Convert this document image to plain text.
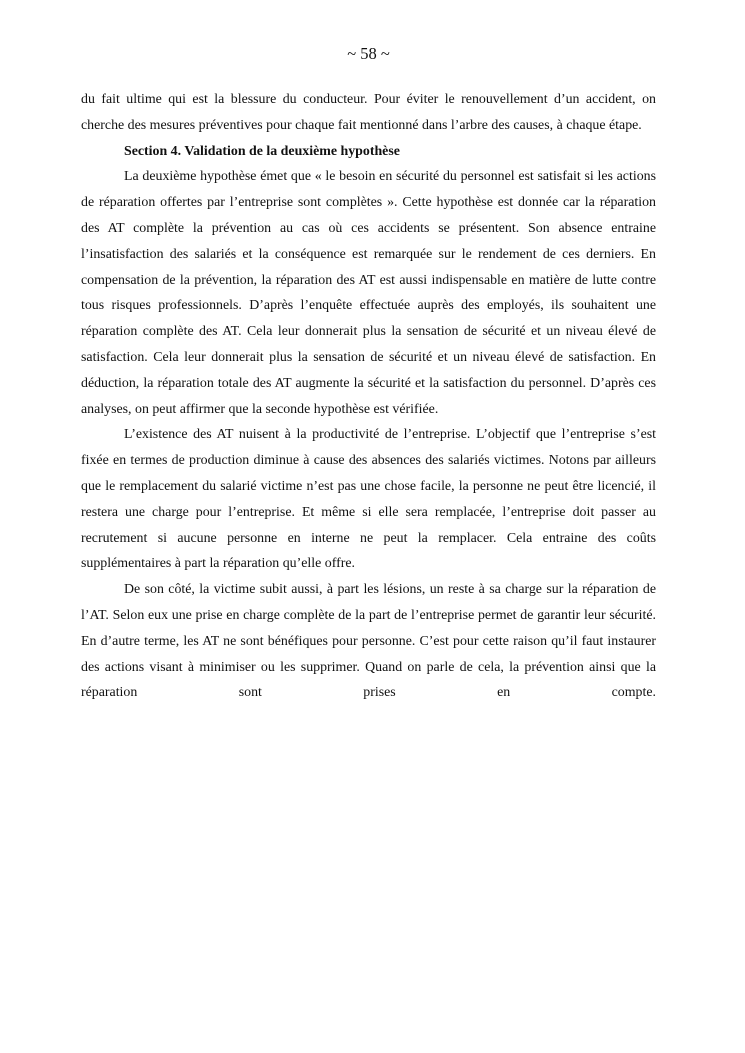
~ 58 ~

du fait ultime qui est la blessure du conducteur. Pour éviter le renouvellement d’un accident, on cherche des mesures préventives pour chaque fait mentionné dans l’arbre des causes, à chaque étape.

Section 4. Validation de la deuxième hypothèse

La deuxième hypothèse émet que « le besoin en sécurité du personnel est satisfait si les actions de réparation offertes par l’entreprise sont complètes ». Cette hypothèse est donnée car la réparation des AT complète la prévention au cas où ces accidents se présentent. Son absence entraine l’insatisfaction des salariés et la conséquence est remarquée sur le rendement de ces derniers. En compensation de la prévention, la réparation des AT est aussi indispensable en matière de lutte contre tous risques professionnels. D’après l’enquête effectuée auprès des employés, ils souhaitent une réparation complète des AT. Cela leur donnerait plus la sensation de sécurité et un niveau élevé de satisfaction. Cela leur donnerait plus la sensation de sécurité et un niveau élevé de satisfaction. En déduction, la réparation totale des AT augmente la sécurité et la satisfaction du personnel. D’après ces analyses, on peut affirmer que la seconde hypothèse est vérifiée.

L’existence des AT nuisent à la productivité de l’entreprise. L’objectif que l’entreprise s’est fixée en termes de production diminue à cause des absences des salariés victimes. Notons par ailleurs que le remplacement du salarié victime n’est pas une chose facile, la personne ne peut être licencié, il restera une charge pour l’entreprise. Et même si elle sera remplacée, l’entreprise doit passer au recrutement si aucune personne en interne ne peut la remplacer. Cela entraine des coûts supplémentaires à part la réparation qu’elle offre.

De son côté, la victime subit aussi, à part les lésions, un reste à sa charge sur la réparation de l’AT. Selon eux une prise en charge complète de la part de l’entreprise permet de garantir leur sécurité. En d’autre terme, les AT ne sont bénéfiques pour personne. C’est pour cette raison qu’il faut instaurer des actions visant à minimiser ou les supprimer. Quand on parle de cela, la prévention ainsi que la réparation sont prises en compte.
